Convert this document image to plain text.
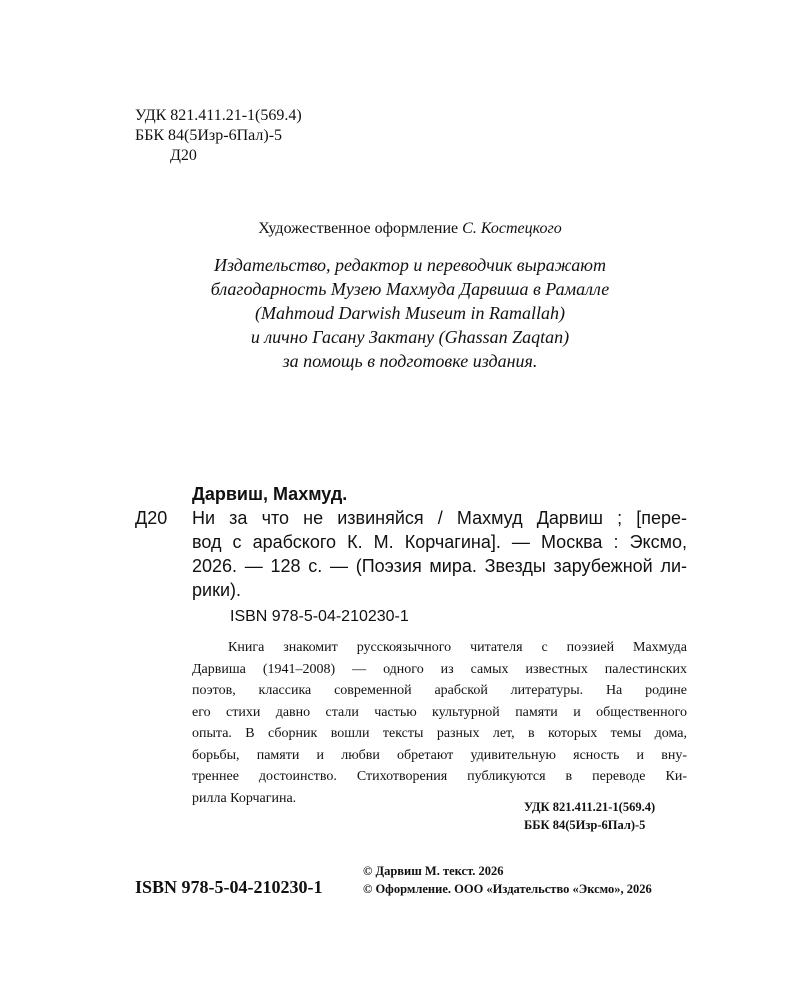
УДК 821.411.21-1(569.4)
ББК 84(5Изр-6Пал)-5
Д20
Художественное оформление С. Костецкого
Издательство, редактор и переводчик выражают
благодарность Музею Махмуда Дарвиша в Рамалле
(Mahmoud Darwish Museum in Ramallah)
и лично Гасану Зактану (Ghassan Zaqtan)
за помощь в подготовке издания.
Дарвиш, Махмуд.
Д20 Ни за что не извиняйся / Махмуд Дарвиш ; [пере-
вод с арабского К. М. Корчагина]. — Москва : Эксмо,
2026. — 128 с. — (Поэзия мира. Звезды зарубежной ли-
рики).
ISBN 978-5-04-210230-1
Книга знакомит русскоязычного читателя с поэзией Махмуда
Дарвиша (1941–2008) — одного из самых известных палестинских
поэтов, классика современной арабской литературы. На родине
его стихи давно стали частью культурной памяти и общественного
опыта. В сборник вошли тексты разных лет, в которых темы дома,
борьбы, памяти и любви обретают удивительную ясность и вну-
треннее достоинство. Стихотворения публикуются в переводе Ки-
рилла Корчагина.
УДК 821.411.21-1(569.4)
ББК 84(5Изр-6Пал)-5
ISBN 978-5-04-210230-1
© Дарвиш М. текст. 2026
© Оформление. ООО «Издательство «Эксмо», 2026
